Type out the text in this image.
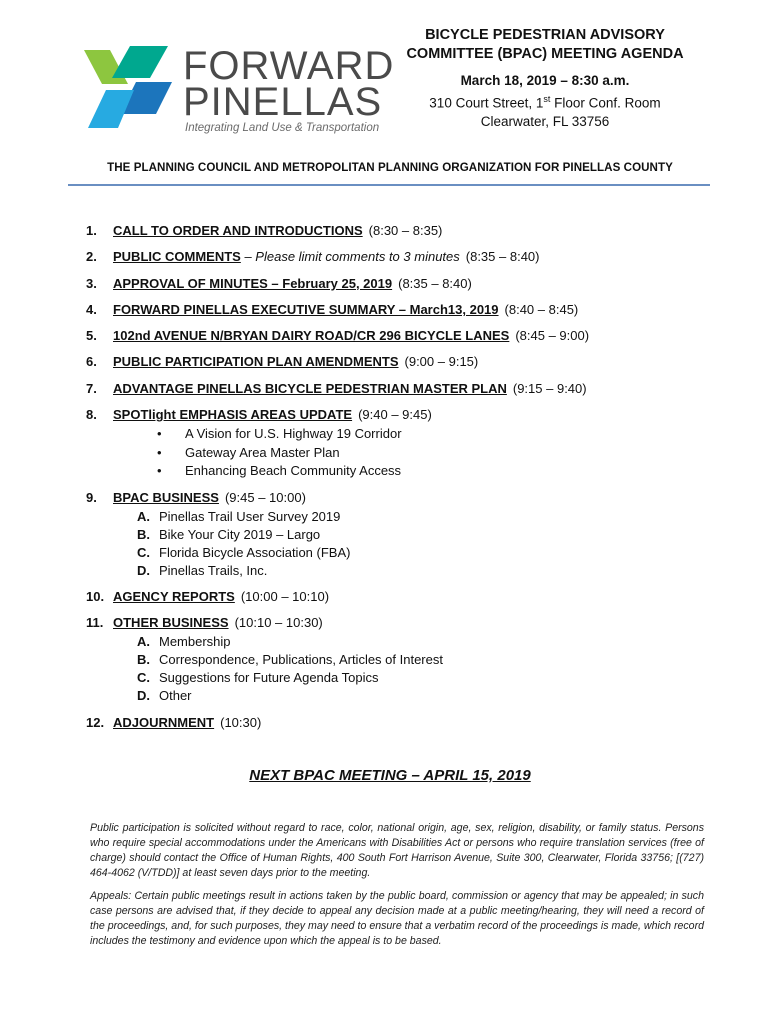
FORWARD
PINELLAS
Integrating Land Use & Transportation
BICYCLE PEDESTRIAN ADVISORY
COMMITTEE (BPAC) MEETING AGENDA
March 18, 2019 – 8:30 a.m.
310 Court Street, 1st Floor Conf. Room
Clearwater, FL 33756
THE PLANNING COUNCIL AND METROPOLITAN PLANNING ORGANIZATION FOR PINELLAS COUNTY
1. CALL TO ORDER AND INTRODUCTIONS (8:30 – 8:35)
2. PUBLIC COMMENTS – Please limit comments to 3 minutes (8:35 – 8:40)
3. APPROVAL OF MINUTES – February 25, 2019 (8:35 – 8:40)
4. FORWARD PINELLAS EXECUTIVE SUMMARY – March13, 2019 (8:40 – 8:45)
5. 102nd AVENUE N/BRYAN DAIRY ROAD/CR 296 BICYCLE LANES (8:45 – 9:00)
6. PUBLIC PARTICIPATION PLAN AMENDMENTS (9:00 – 9:15)
7. ADVANTAGE PINELLAS BICYCLE PEDESTRIAN MASTER PLAN (9:15 – 9:40)
8. SPOTlight EMPHASIS AREAS UPDATE (9:40 – 9:45)
• A Vision for U.S. Highway 19 Corridor
• Gateway Area Master Plan
• Enhancing Beach Community Access
9. BPAC BUSINESS (9:45 – 10:00)
A. Pinellas Trail User Survey 2019
B. Bike Your City 2019 – Largo
C. Florida Bicycle Association (FBA)
D. Pinellas Trails, Inc.
10. AGENCY REPORTS (10:00 – 10:10)
11. OTHER BUSINESS (10:10 – 10:30)
A. Membership
B. Correspondence, Publications, Articles of Interest
C. Suggestions for Future Agenda Topics
D. Other
12. ADJOURNMENT (10:30)
NEXT BPAC MEETING – APRIL 15, 2019
Public participation is solicited without regard to race, color, national origin, age, sex, religion, disability, or family status. Persons who require special accommodations under the Americans with Disabilities Act or persons who require translation services (free of charge) should contact the Office of Human Rights, 400 South Fort Harrison Avenue, Suite 300, Clearwater, Florida 33756; [(727) 464-4062 (V/TDD)] at least seven days prior to the meeting.
Appeals: Certain public meetings result in actions taken by the public board, commission or agency that may be appealed; in such case persons are advised that, if they decide to appeal any decision made at a public meeting/hearing, they will need a record of the proceedings, and, for such purposes, they may need to ensure that a verbatim record of the proceedings is made, which record includes the testimony and evidence upon which the appeal is to be based.
